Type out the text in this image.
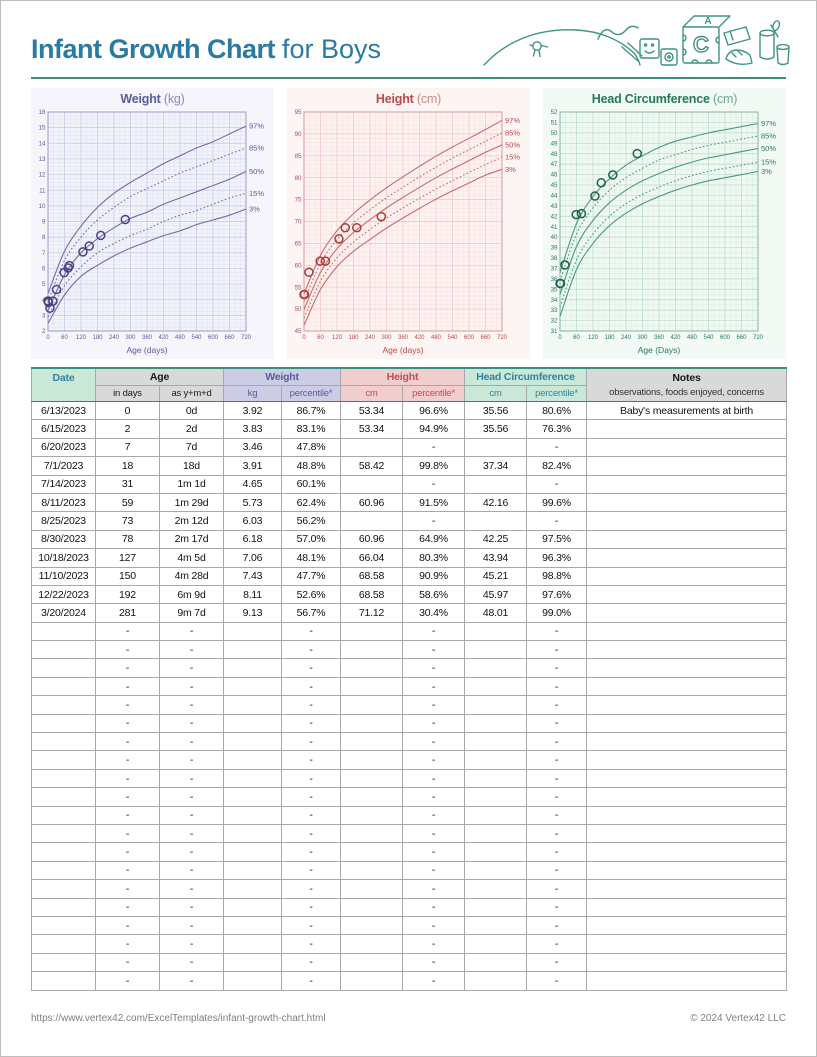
Infant Growth Chart for Boys
A
C
Weight (kg)
0 60 120 180 240 300 360 420 480 540 600 660 720
2
3
4
5
6
7
8
9
10
11
12
13
14
15
16
97%
85%
50%
15%
3%
Age (days)
Height (cm)
0 60 120 180 240 300 360 420 480 540 600 660 720
45
50
55
60
65
70
75
80
85
90
95
97%
85%
50%
15%
3%
Age (days)
Head Circumference (cm)
0 60 120 180 240 300 360 420 480 540 600 660 720
31
32
33
34
35
36
37
38
39
40
41
42
43
44
45
46
47
48
49
50
51
52
97%
85%
50%
15%
3%
Age (Days)
Date	Age		Weight		Height		Head Circumference		Notes
observations, foods enjoyed, concerns

	in days	as y+m+d	kg	percentile*	cm	percentile*	cm	percentile*	
6/13/2023	0	0d	3.92	86.7%	53.34	96.6%	35.56	80.6%	Baby's measurements at birth
6/15/2023	2	2d	3.83	83.1%	53.34	94.9%	35.56	76.3%	
6/20/2023	7	7d	3.46	47.8%		-		-	
7/1/2023	18	18d	3.91	48.8%	58.42	99.8%	37.34	82.4%	
7/14/2023	31	1m 1d	4.65	60.1%		-		-	
8/11/2023	59	1m 29d	5.73	62.4%	60.96	91.5%	42.16	99.6%	
8/25/2023	73	2m 12d	6.03	56.2%		-		-	
8/30/2023	78	2m 17d	6.18	57.0%	60.96	64.9%	42.25	97.5%	
10/18/2023	127	4m 5d	7.06	48.1%	66.04	80.3%	43.94	96.3%	
11/10/2023	150	4m 28d	7.43	47.7%	68.58	90.9%	45.21	98.8%	
12/22/2023	192	6m 9d	8.11	52.6%	68.58	58.6%	45.97	97.6%	
3/20/2024	281	9m 7d	9.13	56.7%	71.12	30.4%	48.01	99.0%	
	-	-		-		-		-	
	-	-		-		-		-	
	-	-		-		-		-	
	-	-		-		-		-	
	-	-		-		-		-	
	-	-		-		-		-	
	-	-		-		-		-	
	-	-		-		-		-	
	-	-		-		-		-	
	-	-		-		-		-	
	-	-		-		-		-	
	-	-		-		-		-	
	-	-		-		-		-	
	-	-		-		-		-	
	-	-		-		-		-	
	-	-		-		-		-	
	-	-		-		-		-	
	-	-		-		-		-	
	-	-		-		-		-	
	-	-		-		-		-	
https://www.vertex42.com/ExcelTemplates/infant-growth-chart.html	© 2024 Vertex42 LLC
